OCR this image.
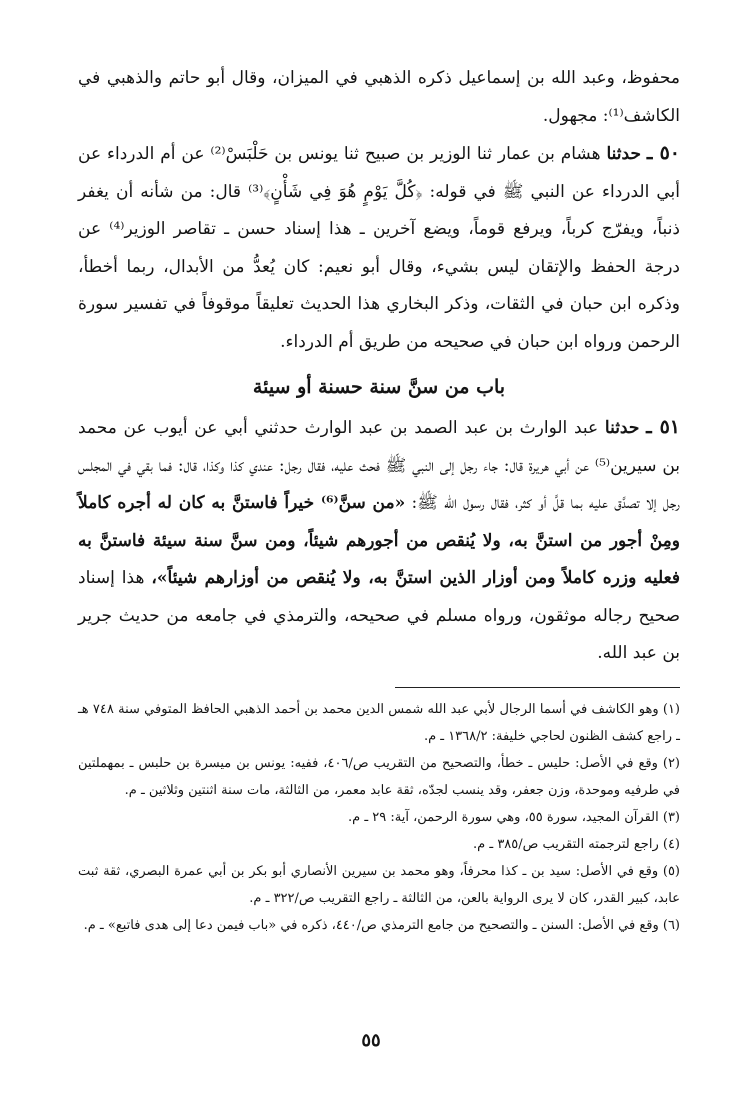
محفوظ، وعبد الله بن إسماعيل ذكره الذهبي في الميزان، وقال أبو حاتم والذهبي في الكاشف⁽¹⁾: مجهول.

٥٠ ـ حدثنا هشام بن عمار ثنا الوزير بن صبيح ثنا يونس بن حَلْبَسْ⁽²⁾ عن أم الدرداء عن أبي الدرداء عن النبي ﷺ في قوله: ﴿كُلَّ يَوْمٍ هُوَ فِي شَأْنٍ﴾⁽³⁾ قال: من شأنه أن يغفر ذنباً، ويفرّج كرباً، ويرفع قوماً، ويضع آخرين ـ هذا إسناد حسن ـ تقاصر الوزير⁽⁴⁾ عن درجة الحفظ والإتقان ليس بشيء، وقال أبو نعيم: كان يُعدُّ من الأبدال، ربما أخطأ، وذكره ابن حبان في الثقات، وذكر البخاري هذا الحديث تعليقاً موقوفاً في تفسير سورة الرحمن ورواه ابن حبان في صحيحه من طريق أم الدرداء.

باب من سنَّ سنة حسنة أو سيئة

٥١ ـ حدثنا عبد الوارث بن عبد الصمد بن عبد الوارث حدثني أبي عن أيوب عن محمد بن سيرين⁽⁵⁾ عن أبي هريرة قال: جاء رجل إلى النبي ﷺ فحث عليه، فقال رجل: عندي كذا وكذا، قال: فما بقي في المجلس رجل إلا تصدَّق عليه بما قلَّ أو كثر، فقال رسول الله ﷺ: «من سنَّ⁽⁶⁾ خيراً فاستنَّ به كان له أجره كاملاً ومِنْ أجور من استنَّ به، ولا يُنقص من أجورهم شيئاً، ومن سنَّ سنة سيئة فاستنَّ به فعليه وزره كاملاً ومن أوزار الذين استنَّ به، ولا يُنقص من أوزارهم شيئاً»، هذا إسناد صحيح رجاله موثقون، ورواه مسلم في صحيحه، والترمذي في جامعه من حديث جرير بن عبد الله.

(١) وهو الكاشف في أسما الرجال لأبي عبد الله شمس الدين محمد بن أحمد الذهبي الحافظ المتوفي سنة ٧٤٨ هـ ـ راجع كشف الظنون لحاجي خليفة: ١٣٦٨/٢ ـ م.

(٢) وقع في الأصل: حليس ـ خطأ، والتصحيح من التقريب ص/٤٠٦، ففيه: يونس بن ميسرة بن حلبس ـ بمهملتين في طرفيه وموحدة، وزن جعفر، وقد ينسب لجدّه، ثقة عابد معمر، من الثالثة، مات سنة اثنتين وثلاثين ـ م.

(٣) القرآن المجيد، سورة ٥٥، وهي سورة الرحمن، آية: ٢٩ ـ م.

(٤) راجع لترجمته التقريب ص/٣٨٥ ـ م.

(٥) وقع في الأصل: سيد بن ـ كذا محرفاً، وهو محمد بن سيرين الأنصاري أبو بكر بن أبي عمرة البصري، ثقة ثبت عابد، كبير القدر، كان لا يرى الرواية بالعن، من الثالثة ـ راجع التقريب ص/٣٢٢ ـ م.

(٦) وقع في الأصل: السنن ـ والتصحيح من جامع الترمذي ص/٤٤٠، ذكره في «باب فيمن دعا إلى هدى فاتبع» ـ م.

٥٥
